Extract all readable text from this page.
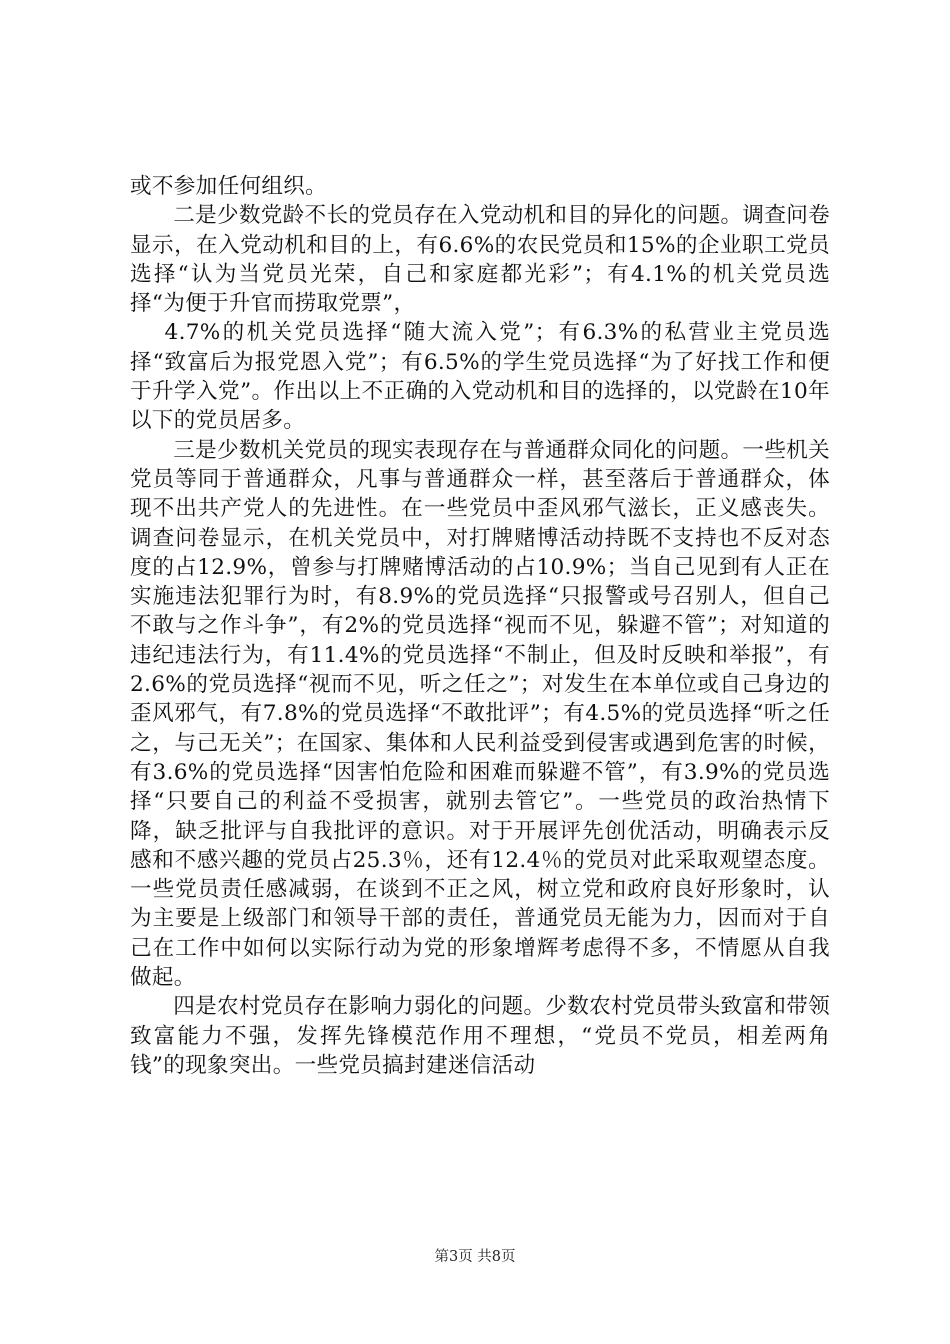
或不参加任何组织。

二是少数党龄不长的党员存在入党动机和目的异化的问题。调查问卷显示，在入党动机和目的上，有6.6%的农民党员和15%的企业职工党员选择“认为当党员光荣，自己和家庭都光彩”；有4.1%的机关党员选择“为便于升官而捞取党票”，

4.7%的机关党员选择“随大流入党”；有6.3%的私营业主党员选择“致富后为报党恩入党”；有6.5%的学生党员选择“为了好找工作和便于升学入党”。作出以上不正确的入党动机和目的选择的，以党龄在10年以下的党员居多。

三是少数机关党员的现实表现存在与普通群众同化的问题。一些机关党员等同于普通群众，凡事与普通群众一样，甚至落后于普通群众，体现不出共产党人的先进性。在一些党员中歪风邪气滋长，正义感丧失。调查问卷显示，在机关党员中，对打牌赌博活动持既不支持也不反对态度的占12.9%，曾参与打牌赌博活动的占10.9%；当自己见到有人正在实施违法犯罪行为时，有8.9%的党员选择“只报警或号召别人，但自己不敢与之作斗争”，有2%的党员选择“视而不见，躲避不管”；对知道的违纪违法行为，有11.4%的党员选择“不制止，但及时反映和举报”，有2.6%的党员选择“视而不见，听之任之”；对发生在本单位或自己身边的歪风邪气，有7.8%的党员选择“不敢批评”；有4.5%的党员选择“听之任之，与己无关”；在国家、集体和人民利益受到侵害或遇到危害的时候，有3.6%的党员选择“因害怕危险和困难而躲避不管”，有3.9%的党员选择“只要自己的利益不受损害，就别去管它”。一些党员的政治热情下降，缺乏批评与自我批评的意识。对于开展评先创优活动，明确表示反感和不感兴趣的党员占25.3％，还有12.4％的党员对此采取观望态度。一些党员责任感减弱，在谈到不正之风，树立党和政府良好形象时，认为主要是上级部门和领导干部的责任，普通党员无能为力，因而对于自己在工作中如何以实际行动为党的形象增辉考虑得不多，不情愿从自我做起。

四是农村党员存在影响力弱化的问题。少数农村党员带头致富和带领致富能力不强，发挥先锋模范作用不理想，“党员不党员，相差两角钱”的现象突出。一些党员搞封建迷信活动

第3页 共8页
